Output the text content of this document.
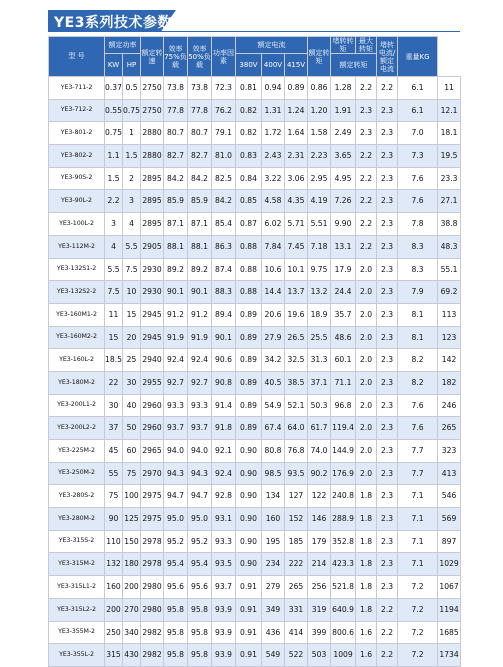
YE3系列技术参数
型 号	额定功率		额定转速	效率75%负载	效率50%负载	功率因素	额定电流			额定转矩	堵转转矩	最大转矩	堵转电流/额定电流	重量KG	
	KW	HP					380V	400V	415V		额定转矩				

YE3-711-2	0.37	0.5	2750	73.8	73.8	72.3	0.81	0.94	0.89	0.86	1.28	2.2	2.2	6.1	11
YE3-712-2	0.55	0.75	2750	77.8	77.8	76.2	0.82	1.31	1.24	1.20	1.91	2.3	2.3	6.1	12.1
YE3-801-2	0.75	1	2880	80.7	80.7	79.1	0.82	1.72	1.64	1.58	2.49	2.3	2.3	7.0	18.1
YE3-802-2	1.1	1.5	2880	82.7	82.7	81.0	0.83	2.43	2.31	2.23	3.65	2.2	2.3	7.3	19.5
YE3-90S-2	1.5	2	2895	84.2	84.2	82.5	0.84	3.22	3.06	2.95	4.95	2.2	2.3	7.6	23.3
YE3-90L-2	2.2	3	2895	85.9	85.9	84.2	0.85	4.58	4.35	4.19	7.26	2.2	2.3	7.6	27.1
YE3-100L-2	3	4	2895	87.1	87.1	85.4	0.87	6.02	5.71	5.51	9.90	2.2	2.3	7.8	38.8
YE3-112M-2	4	5.5	2905	88.1	88.1	86.3	0.88	7.84	7.45	7.18	13.1	2.2	2.3	8.3	48.3
YE3-132S1-2	5.5	7.5	2930	89.2	89.2	87.4	0.88	10.6	10.1	9.75	17.9	2.0	2.3	8.3	55.1
YE3-132S2-2	7.5	10	2930	90.1	90.1	88.3	0.88	14.4	13.7	13.2	24.4	2.0	2.3	7.9	69.2
YE3-160M1-2	11	15	2945	91.2	91.2	89.4	0.89	20.6	19.6	18.9	35.7	2.0	2.3	8.1	113
YE3-160M2-2	15	20	2945	91.9	91.9	90.1	0.89	27.9	26.5	25.5	48.6	2.0	2.3	8.1	123
YE3-160L-2	18.5	25	2940	92.4	92.4	90.6	0.89	34.2	32.5	31.3	60.1	2.0	2.3	8.2	142
YE3-180M-2	22	30	2955	92.7	92.7	90.8	0.89	40.5	38.5	37.1	71.1	2.0	2.3	8.2	182
YE3-200L1-2	30	40	2960	93.3	93.3	91.4	0.89	54.9	52.1	50.3	96.8	2.0	2.3	7.6	246
YE3-200L2-2	37	50	2960	93.7	93.7	91.8	0.89	67.4	64.0	61.7	119.4	2.0	2.3	7.6	265
YE3-225M-2	45	60	2965	94.0	94.0	92.1	0.90	80.8	76.8	74.0	144.9	2.0	2.3	7.7	323
YE3-250M-2	55	75	2970	94.3	94.3	92.4	0.90	98.5	93.5	90.2	176.9	2.0	2.3	7.7	413
YE3-280S-2	75	100	2975	94.7	94.7	92.8	0.90	134	127	122	240.8	1.8	2.3	7.1	546
YE3-280M-2	90	125	2975	95.0	95.0	93.1	0.90	160	152	146	288.9	1.8	2.3	7.1	569
YE3-315S-2	110	150	2978	95.2	95.2	93.3	0.90	195	185	179	352.8	1.8	2.3	7.1	897
YE3-315M-2	132	180	2978	95.4	95.4	93.5	0.90	234	222	214	423.3	1.8	2.3	7.1	1029
YE3-315L1-2	160	200	2980	95.6	95.6	93.7	0.91	279	265	256	521.8	1.8	2.3	7.2	1067
YE3-315L2-2	200	270	2980	95.8	95.8	93.9	0.91	349	331	319	640.9	1.8	2.2	7.2	1194
YE3-355M-2	250	340	2982	95.8	95.8	93.9	0.91	436	414	399	800.6	1.6	2.2	7.2	1685
YE3-355L-2	315	430	2982	95.8	95.8	93.9	0.91	549	522	503	1009	1.6	2.2	7.2	1734
